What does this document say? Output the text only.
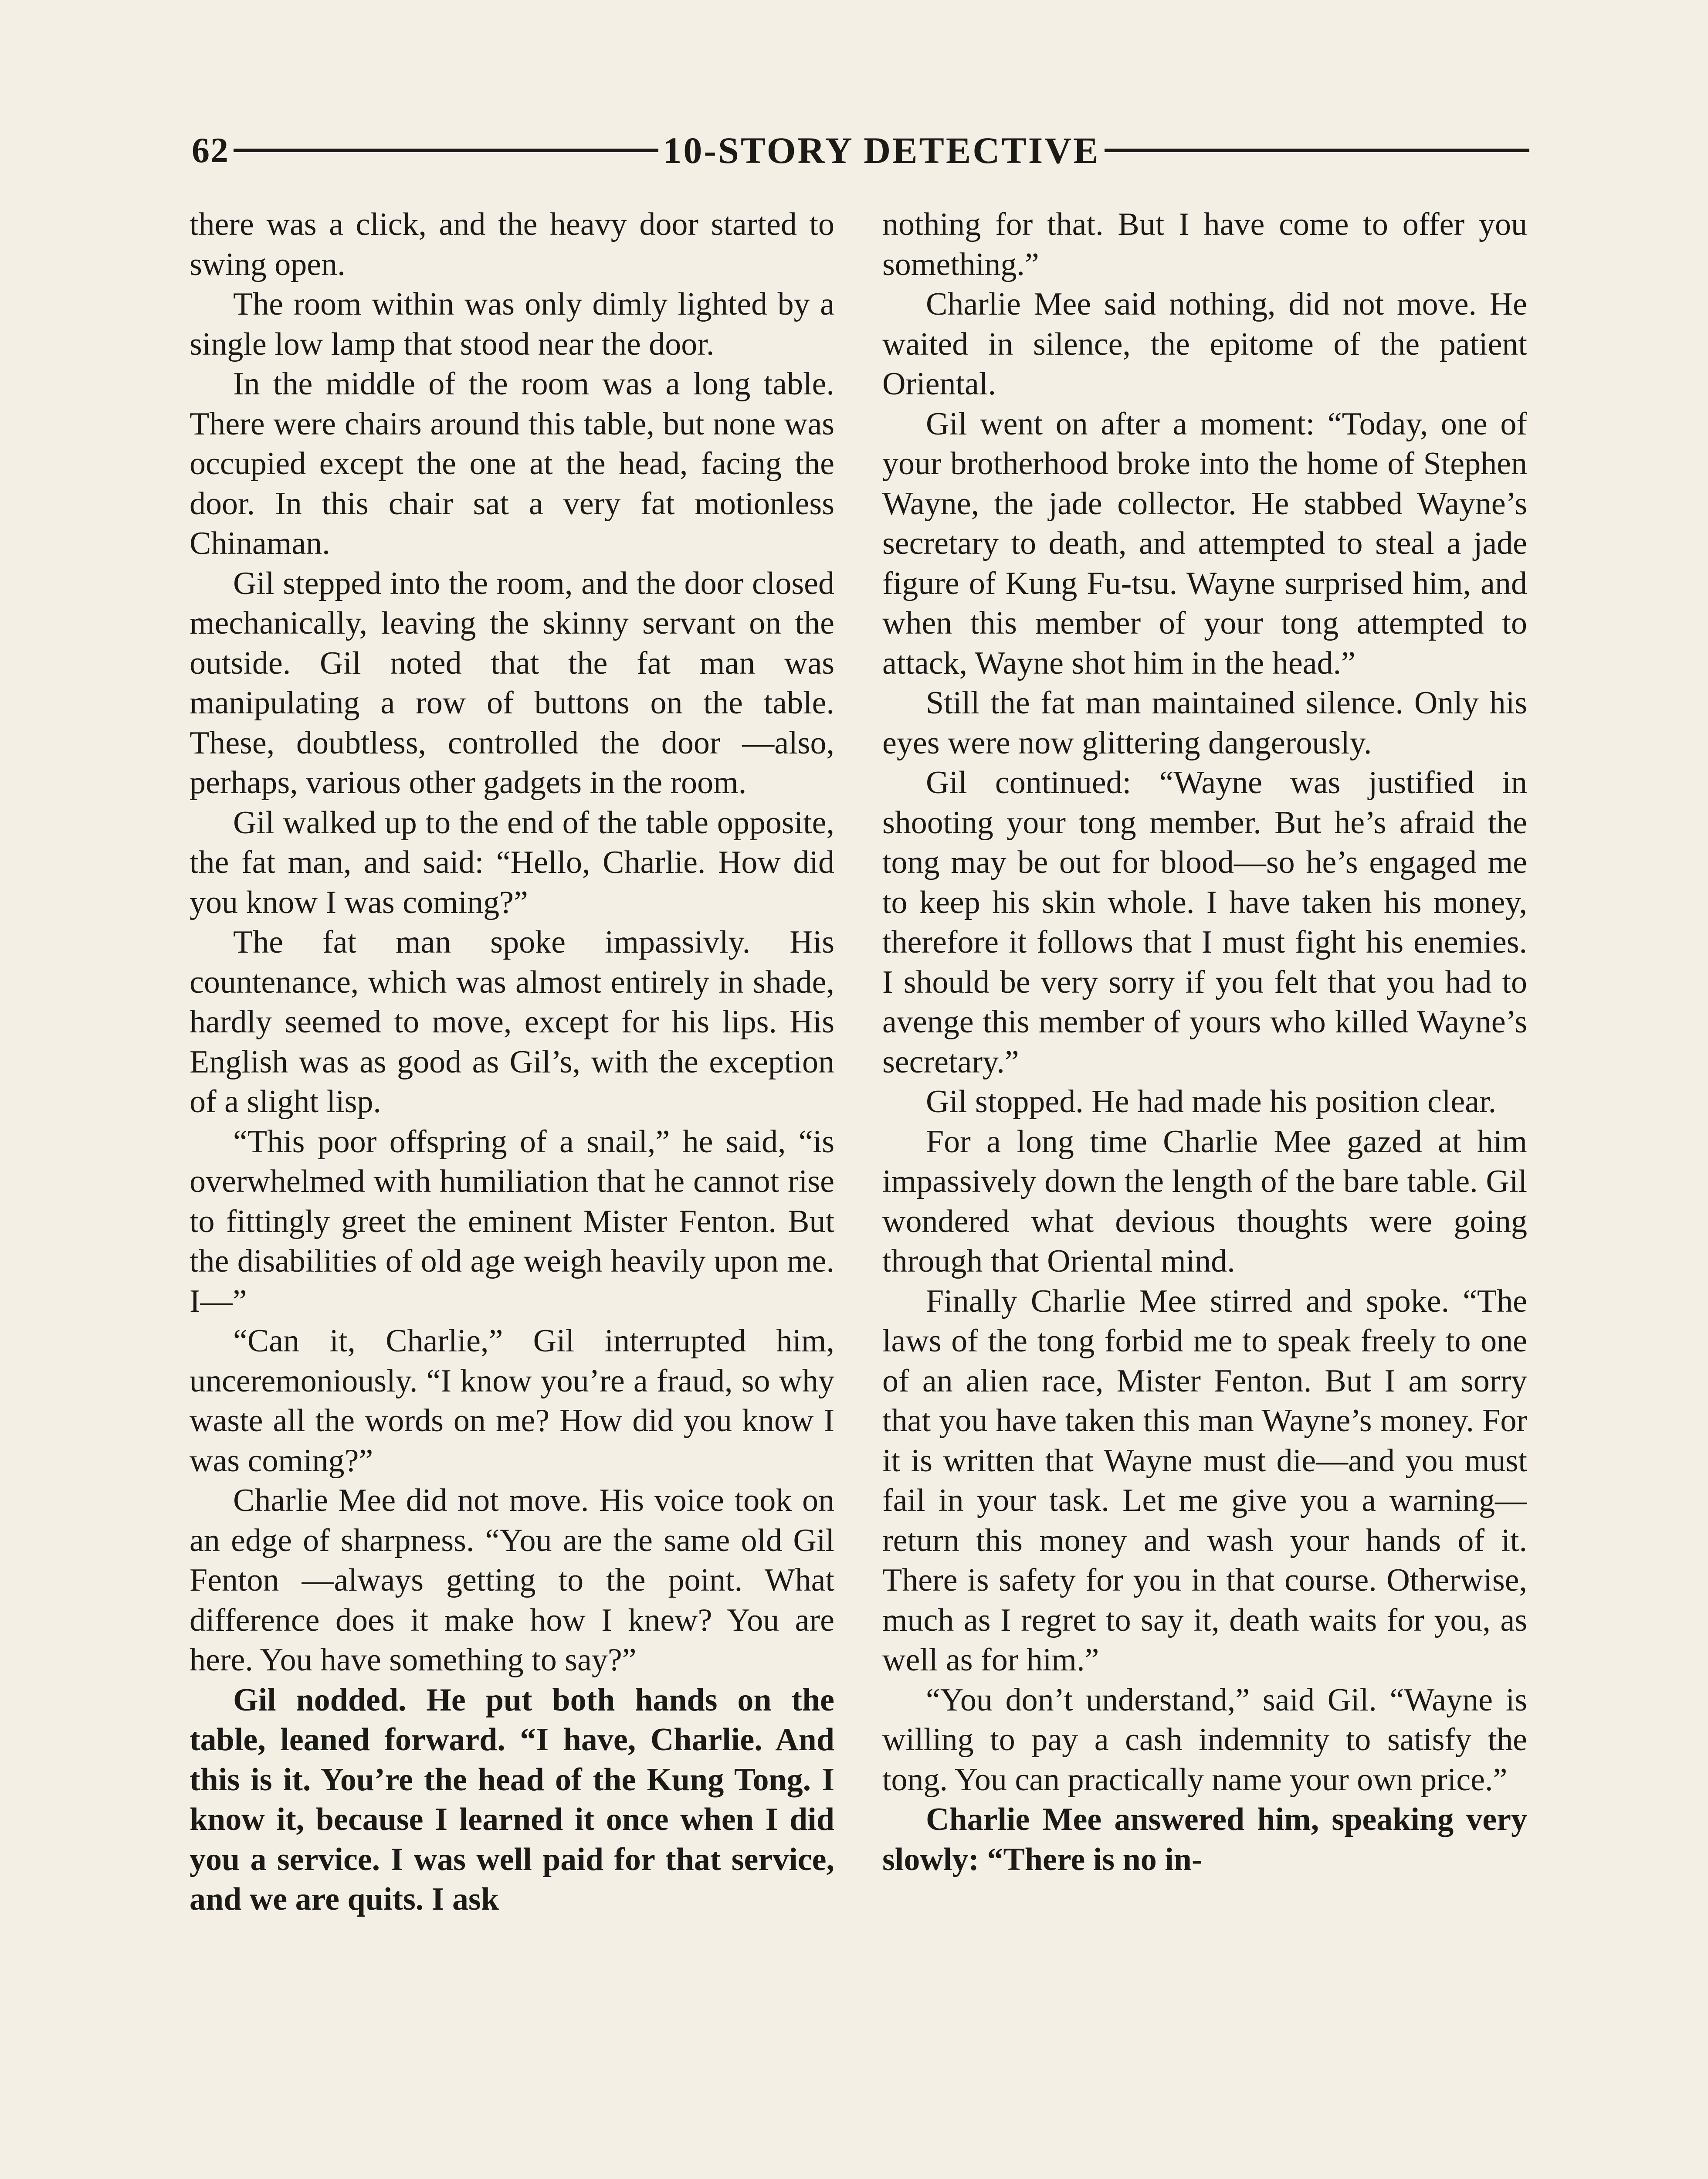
62	10-STORY DETECTIVE

there was a click, and the heavy door started to swing open.

The room within was only dimly lighted by a single low lamp that stood near the door.

In the middle of the room was a long table. There were chairs around this table, but none was occupied except the one at the head, facing the door. In this chair sat a very fat motionless Chinaman.

Gil stepped into the room, and the door closed mechanically, leaving the skinny servant on the outside. Gil noted that the fat man was manipulating a row of buttons on the table. These, doubtless, controlled the door —also, perhaps, various other gadgets in the room.

Gil walked up to the end of the table opposite, the fat man, and said: “Hello, Charlie. How did you know I was coming?”

The fat man spoke impassivly. His countenance, which was almost entirely in shade, hardly seemed to move, except for his lips. His English was as good as Gil’s, with the exception of a slight lisp.

“This poor offspring of a snail,” he said, “is overwhelmed with humiliation that he cannot rise to fittingly greet the eminent Mister Fenton. But the disabilities of old age weigh heavily upon me. I—”

“Can it, Charlie,” Gil interrupted him, unceremoniously. “I know you’re a fraud, so why waste all the words on me? How did you know I was coming?”

Charlie Mee did not move. His voice took on an edge of sharpness. “You are the same old Gil Fenton —always getting to the point. What difference does it make how I knew? You are here. You have something to say?”

Gil nodded. He put both hands on the table, leaned forward. “I have, Charlie. And this is it. You’re the head of the Kung Tong. I know it, because I learned it once when I did you a service. I was well paid for that service, and we are quits. I ask

nothing for that. But I have come to offer you something.”

Charlie Mee said nothing, did not move. He waited in silence, the epitome of the patient Oriental.

Gil went on after a moment: “Today, one of your brotherhood broke into the home of Stephen Wayne, the jade collector. He stabbed Wayne’s secretary to death, and attempted to steal a jade figure of Kung Fu-tsu. Wayne surprised him, and when this member of your tong attempted to attack, Wayne shot him in the head.”

Still the fat man maintained silence. Only his eyes were now glittering dangerously.

Gil continued: “Wayne was justified in shooting your tong member. But he’s afraid the tong may be out for blood—so he’s engaged me to keep his skin whole. I have taken his money, therefore it follows that I must fight his enemies. I should be very sorry if you felt that you had to avenge this member of yours who killed Wayne’s secretary.”

Gil stopped. He had made his position clear.

For a long time Charlie Mee gazed at him impassively down the length of the bare table. Gil wondered what devious thoughts were going through that Oriental mind.

Finally Charlie Mee stirred and spoke. “The laws of the tong forbid me to speak freely to one of an alien race, Mister Fenton. But I am sorry that you have taken this man Wayne’s money. For it is written that Wayne must die—and you must fail in your task. Let me give you a warning—return this money and wash your hands of it. There is safety for you in that course. Otherwise, much as I regret to say it, death waits for you, as well as for him.”

“You don’t understand,” said Gil. “Wayne is willing to pay a cash indemnity to satisfy the tong. You can practically name your own price.”

Charlie Mee answered him, speaking very slowly: “There is no in-
